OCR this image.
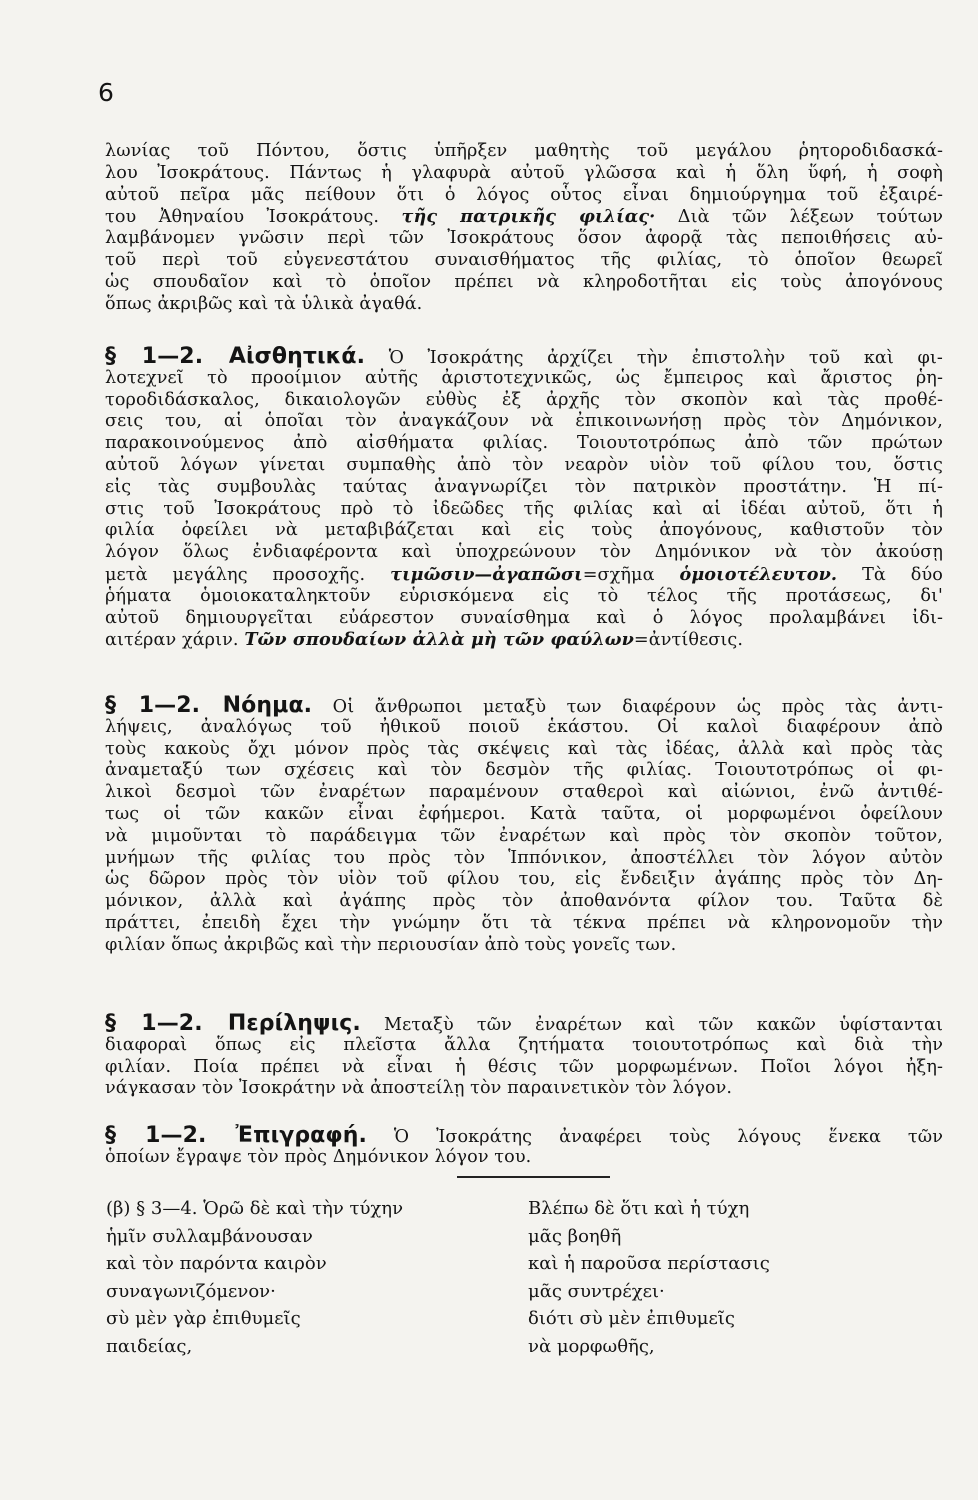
6
λωνίας τοῦ Πόντου, ὅστις ὑπῆρξεν μαθητὴς τοῦ μεγάλου ῥητοροδιδασκά-
λου Ἰσοκράτους. Πάντως ἡ γλαφυρὰ αὐτοῦ γλῶσσα καὶ ἡ ὅλη ὕφή, ἡ σοφὴ
αὐτοῦ πεῖρα μᾶς πείθουν ὅτι ὁ λόγος οὗτος εἶναι δημιούργημα τοῦ ἐξαιρέ-
του Ἀθηναίου Ἰσοκράτους. τῆς πατρικῆς φιλίας· Διὰ τῶν λέξεων τούτων
λαμβάνομεν γνῶσιν περὶ τῶν Ἰσοκράτους ὅσον ἀφορᾷ τὰς πεποιθήσεις αὐ-
τοῦ περὶ τοῦ εὐγενεστάτου συναισθήματος τῆς φιλίας, τὸ ὁποῖον θεωρεῖ
ὡς σπουδαῖον καὶ τὸ ὁποῖον πρέπει νὰ κληροδοτῆται εἰς τοὺς ἀπογόνους
ὅπως ἀκριβῶς καὶ τὰ ὑλικὰ ἀγαθά.
§ 1—2. Αἰσθητικά. Ὁ Ἰσοκράτης ἀρχίζει τὴν ἐπιστολὴν τοῦ καὶ φι-
λοτεχνεῖ τὸ προοίμιον αὐτῆς ἀριστοτεχνικῶς, ὡς ἔμπειρος καὶ ἄριστος ῥη-
τοροδιδάσκαλος, δικαιολογῶν εὐθὺς ἐξ ἀρχῆς τὸν σκοπὸν καὶ τὰς προθέ-
σεις του, αἱ ὁποῖαι τὸν ἀναγκάζουν νὰ ἐπικοινωνήσῃ πρὸς τὸν Δημόνικον,
παρακοινούμενος ἀπὸ αἰσθήματα φιλίας. Τοιουτοτρόπως ἀπὸ τῶν πρώτων
αὐτοῦ λόγων γίνεται συμπαθὴς ἀπὸ τὸν νεαρὸν υἱὸν τοῦ φίλου του, ὅστις
εἰς τὰς συμβουλὰς ταύτας ἀναγνωρίζει τὸν πατρικὸν προστάτην. Ἡ πί-
στις τοῦ Ἰσοκράτους πρὸ τὸ ἰδεῶδες τῆς φιλίας καὶ αἱ ἰδέαι αὐτοῦ, ὅτι ἡ
φιλία ὀφείλει νὰ μεταβιβάζεται καὶ εἰς τοὺς ἀπογόνους, καθιστοῦν τὸν
λόγον ὅλως ἐνδιαφέροντα καὶ ὑποχρεώνουν τὸν Δημόνικον νὰ τὸν ἀκούσῃ
μετὰ μεγάλης προσοχῆς. τιμῶσιν—ἀγαπῶσι=σχῆμα ὁμοιοτέλευτον. Τὰ δύο
ῥήματα ὁμοιοκαταληκτοῦν εὑρισκόμενα εἰς τὸ τέλος τῆς προτάσεως, δι'
αὐτοῦ δημιουργεῖται εὐάρεστον συναίσθημα καὶ ὁ λόγος προλαμβάνει ἰδι-
αιτέραν χάριν. Τῶν σπουδαίων ἀλλὰ μὴ τῶν φαύλων=ἀντίθεσις.
§ 1—2. Νόημα. Οἱ ἄνθρωποι μεταξὺ των διαφέρουν ὡς πρὸς τὰς ἀντι-
λήψεις, ἀναλόγως τοῦ ἠθικοῦ ποιοῦ ἑκάστου. Οἱ καλοὶ διαφέρουν ἀπὸ
τοὺς κακοὺς ὄχι μόνον πρὸς τὰς σκέψεις καὶ τὰς ἰδέας, ἀλλὰ καὶ πρὸς τὰς
ἀναμεταξύ των σχέσεις καὶ τὸν δεσμὸν τῆς φιλίας. Τοιουτοτρόπως οἱ φι-
λικοὶ δεσμοὶ τῶν ἐναρέτων παραμένουν σταθεροὶ καὶ αἰώνιοι, ἐνῶ ἀντιθέ-
τως οἱ τῶν κακῶν εἶναι ἐφήμεροι. Κατὰ ταῦτα, οἱ μορφωμένοι ὀφείλουν
νὰ μιμοῦνται τὸ παράδειγμα τῶν ἐναρέτων καὶ πρὸς τὸν σκοπὸν τοῦτον,
μνήμων τῆς φιλίας του πρὸς τὸν Ἱππόνικον, ἀποστέλλει τὸν λόγον αὐτὸν
ὡς δῶρον πρὸς τὸν υἱὸν τοῦ φίλου του, εἰς ἔνδειξιν ἀγάπης πρὸς τὸν Δη-
μόνικον, ἀλλὰ καὶ ἀγάπης πρὸς τὸν ἀποθανόντα φίλον του. Ταῦτα δὲ
πράττει, ἐπειδὴ ἔχει τὴν γνώμην ὅτι τὰ τέκνα πρέπει νὰ κληρονομοῦν τὴν
φιλίαν ὅπως ἀκριβῶς καὶ τὴν περιουσίαν ἀπὸ τοὺς γονεῖς των.
§ 1—2. Περίληψις. Μεταξὺ τῶν ἐναρέτων καὶ τῶν κακῶν ὑφίστανται
διαφοραὶ ὅπως εἰς πλεῖστα ἄλλα ζητήματα τοιουτοτρόπως καὶ διὰ τὴν
φιλίαν. Ποία πρέπει νὰ εἶναι ἡ θέσις τῶν μορφωμένων. Ποῖοι λόγοι ἠξη-
νάγκασαν τὸν Ἰσοκράτην νὰ ἀποστείλῃ τὸν παραινετικὸν τὸν λόγον.
§ 1—2. Ἐπιγραφή. Ὁ Ἰσοκράτης ἀναφέρει τοὺς λόγους ἕνεκα τῶν
ὁποίων ἔγραψε τὸν πρὸς Δημόνικον λόγον του.
(β) § 3—4. Ὁρῶ δὲ καὶ τὴν τύχην
ἡμῖν συλλαμβάνουσαν
καὶ τὸν παρόντα καιρὸν
συναγωνιζόμενον·
σὺ μὲν γὰρ ἐπιθυμεῖς
παιδείας,
Βλέπω δὲ ὅτι καὶ ἡ τύχη
μᾶς βοηθῆ
καὶ ἡ παροῦσα περίστασις
μᾶς συντρέχει·
διότι σὺ μὲν ἐπιθυμεῖς
νὰ μορφωθῆς,
